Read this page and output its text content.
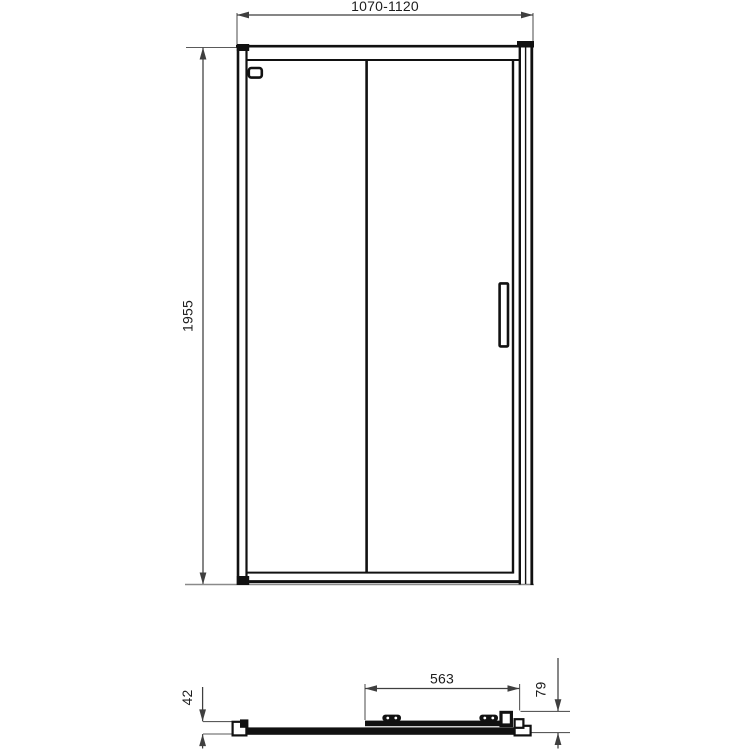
1070-1120
1955
563
79
42
